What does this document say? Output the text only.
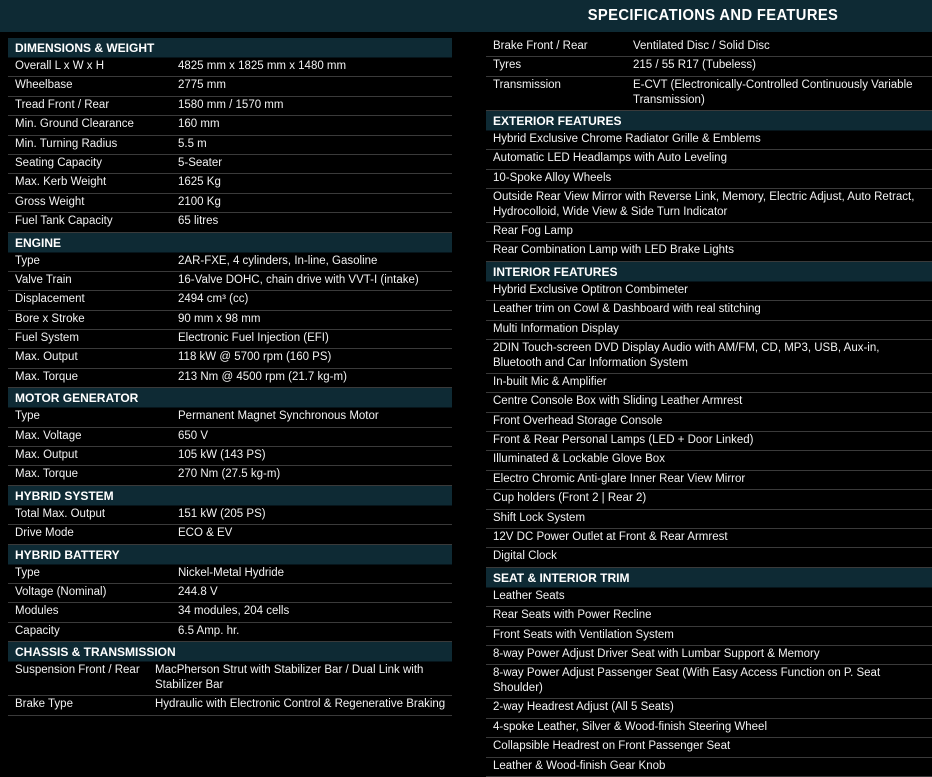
SPECIFICATIONS AND FEATURES
DIMENSIONS & WEIGHT
Overall L x W x H	4825 mm x 1825 mm x 1480 mm
Wheelbase	2775 mm
Tread Front / Rear	1580 mm / 1570 mm
Min. Ground Clearance	160 mm
Min. Turning Radius	5.5 m
Seating Capacity	5-Seater
Max. Kerb Weight	1625 Kg
Gross Weight	2100 Kg
Fuel Tank Capacity	65 litres
ENGINE
Type	2AR-FXE, 4 cylinders, In-line, Gasoline
Valve Train	16-Valve DOHC, chain drive with VVT-I (intake)
Displacement	2494 cm³ (cc)
Bore x Stroke	90 mm x 98 mm
Fuel System	Electronic Fuel Injection (EFI)
Max. Output	118 kW @ 5700 rpm (160 PS)
Max. Torque	213 Nm @ 4500 rpm (21.7 kg-m)
MOTOR GENERATOR
Type	Permanent Magnet Synchronous Motor
Max. Voltage	650 V
Max. Output	105 kW (143 PS)
Max. Torque	270 Nm (27.5 kg-m)
HYBRID SYSTEM
Total Max. Output	151 kW (205 PS)
Drive Mode	ECO & EV
HYBRID BATTERY
Type	Nickel-Metal Hydride
Voltage (Nominal)	244.8 V
Modules	34 modules, 204 cells
Capacity	6.5 Amp. hr.
CHASSIS & TRANSMISSION
Suspension Front / Rear	MacPherson Strut with Stabilizer Bar / Dual Link with Stabilizer Bar
Brake Type	Hydraulic with Electronic Control & Regenerative Braking
Brake Front / Rear	Ventilated Disc / Solid Disc
Tyres	215 / 55 R17 (Tubeless)
Transmission	E-CVT (Electronically-Controlled Continuously Variable Transmission)
EXTERIOR FEATURES
Hybrid Exclusive Chrome Radiator Grille & Emblems
Automatic LED Headlamps with Auto Leveling
10-Spoke Alloy Wheels
Outside Rear View Mirror with Reverse Link, Memory, Electric Adjust, Auto Retract, Hydrocolloid, Wide View & Side Turn Indicator
Rear Fog Lamp
Rear Combination Lamp with LED Brake Lights
INTERIOR FEATURES
Hybrid Exclusive Optitron Combimeter
Leather trim on Cowl & Dashboard with real stitching
Multi Information Display
2DIN Touch-screen DVD Display Audio with AM/FM, CD, MP3, USB, Aux-in, Bluetooth and Car Information System
In-built Mic & Amplifier
Centre Console Box with Sliding Leather Armrest
Front Overhead Storage Console
Front & Rear Personal Lamps (LED + Door Linked)
Illuminated & Lockable Glove Box
Electro Chromic Anti-glare Inner Rear View Mirror
Cup holders (Front 2 | Rear 2)
Shift Lock System
12V DC Power Outlet at Front & Rear Armrest
Digital Clock
SEAT & INTERIOR TRIM
Leather Seats
Rear Seats with Power Recline
Front Seats with Ventilation System
8-way Power Adjust Driver Seat with Lumbar Support & Memory
8-way Power Adjust Passenger Seat (With Easy Access Function on P. Seat Shoulder)
2-way Headrest Adjust (All 5 Seats)
4-spoke Leather, Silver & Wood-finish Steering Wheel
Collapsible Headrest on Front Passenger Seat
Leather & Wood-finish Gear Knob
